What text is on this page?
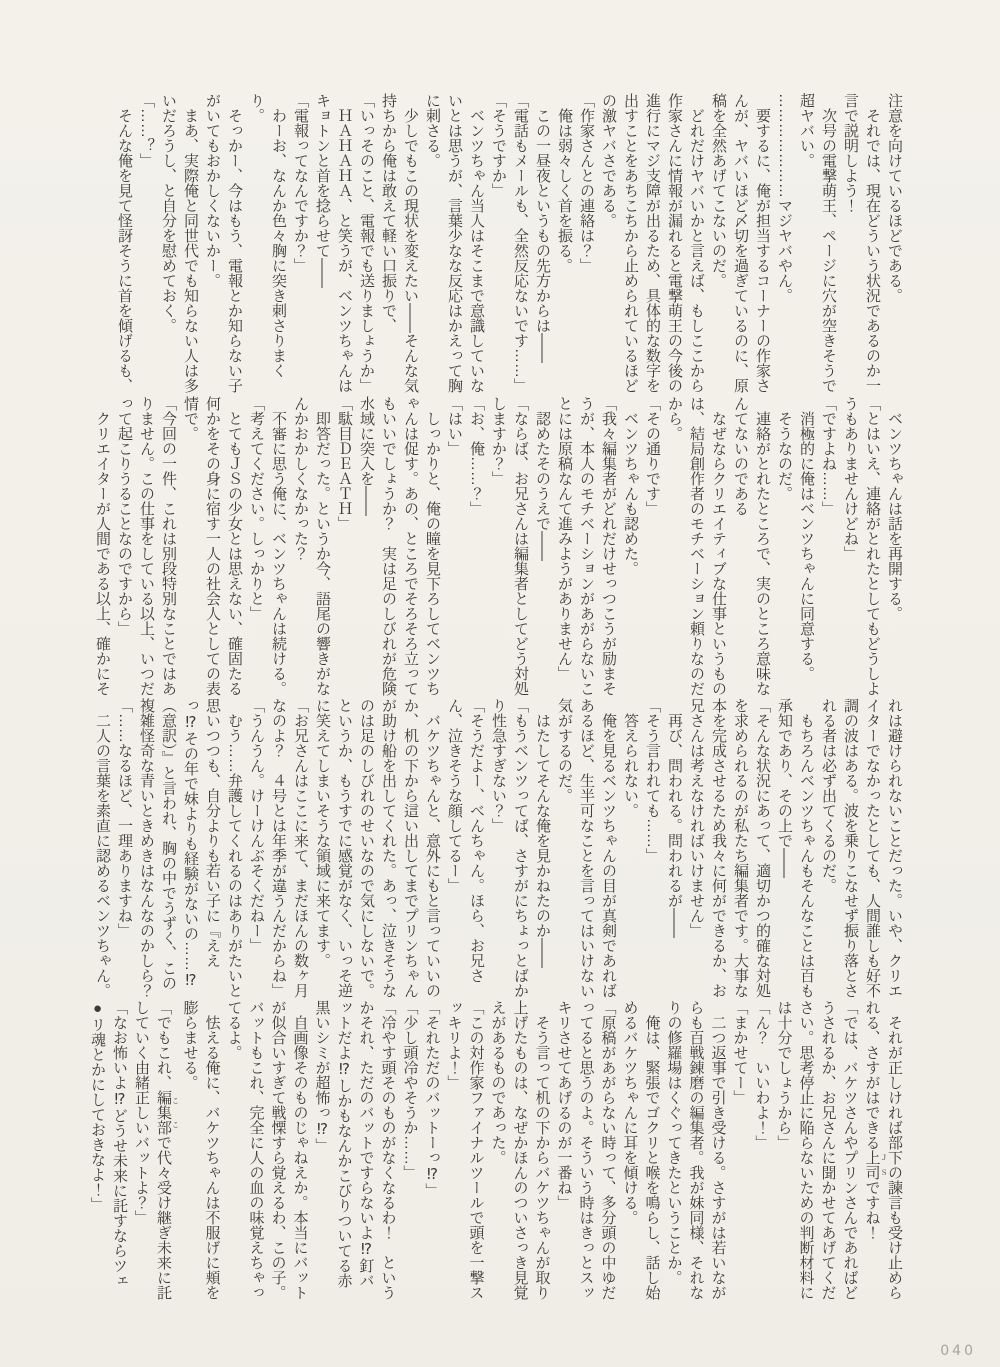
注意を向けているほどである。

それでは、現在どういう状況であるのか一言で説明しよう！

次号の電撃萌王、ページに穴が空きそうで超ヤバい。

…………………マジヤバやん。

要するに、俺が担当するコーナーの作家さんが、ヤバいほど〆切を過ぎているのに、原稿を全然あげてこないのだ。

どれだけヤバいかと言えば、もしここから作家さんに情報が漏れると電撃萌王の今後の進行にマジ支障が出るため、具体的な数字を出すことをあちこちから止められているほどの激ヤバさである。

「作家さんとの連絡は？」

俺は弱々しく首を振る。

この一昼夜というもの先方からは――

「電話もメールも、全然反応ないです……」

「そうですか」

ベンツちゃん当人はそこまで意識していないとは思うが、言葉少なな反応はかえって胸に刺さる。

少しでもこの現状を変えたい――そんな気持ちから俺は敢えて軽い口振りで、

「いっそのこと、電報でも送りましょうか」

ＨＡＨＡＨＡ、と笑うが、ベンツちゃんはキョトンと首を捻らせて――

「電報ってなんですか？」

わーお、なんか色々胸に突き刺さりまくり。

そっかー、今はもう、電報とか知らない子がいてもおかしくないかー。

まあ、実際俺と同世代でも知らない人は多いだろうし、と自分を慰めておく。

「……？」

そんな俺を見て怪訝そうに首を傾げるも、

ベンツちゃんは話を再開する。

「とはいえ、連絡がとれたとしてもどうしようもありませんけどね」

「ですよね……」

消極的に俺はベンツちゃんに同意する。

そうなのだ。

連絡がとれたところで、実のところ意味なんてないのである

なぜならクリエイティブな仕事というものは、結局創作者のモチベーション頼りなのだから。

「その通りです」

ベンツちゃんも認めた。

「我々編集者がどれだけせっつこうが励まそうが、本人のモチベーションがあがらないことには原稿なんて進みようがありません」

認めたそのうえで――

「ならば、お兄さんは編集者としてどう対処しますか？」

「お、俺……？」

「はい」

しっかりと、俺の瞳を見下ろしてベンツちゃんは促す。あの、ところでそろそろ立ってもいいでしょうか？　実は足のしびれが危険水域に突入を――

「駄目ＤＥＡＴＨ」

即答だった。というか今、語尾の響きがなんかおかしくなかった？

不審に思う俺に、ベンツちゃんは続ける。

「考えてください。しっかりと」

とてもＪＳの少女とは思えない、確固たる何かをその身に宿す一人の社会人としての表情で。

「今回の一件、これは別段特別なことではありません。この仕事をしている以上、いつだって起こりうることなのですから」

クリエイターが人間である以上、確かにそ

れは避けられないことだった。いや、クリエイターでなかったとしても、人間誰しも好不調の波はある。波を乗りこなせず振り落とされる者は必ず出てくるのだ。

もちろんベンツちゃんもそんなことは百も承知であり、その上で――

「そんな状況にあって、適切かつ的確な対処を求められるのが私たち編集者です。大事な本を完成させるため我々に何ができるか、お兄さんは考えなければいけません」

再び、問われる。問われるが――

「そう言われても……」

答えられない。

俺を見るベンツちゃんの目が真剣であればあるほど、生半可なことを言ってはいけない気がするのだ。

はたしてそんな俺を見かねたのか――

「もうベンツってば、さすがにちょっとばかり性急すぎない？」

「そうだよー、べんちゃん。ほら、お兄さん、泣きそうな顔してるー」

バケツちゃんと、意外にもと言っていいのか、机の下から這い出してまでプリンちゃんが助け船を出してくれた。あっ、泣きそうなのは足のしびれのせいなので気にしないで。というか、もうすでに感覚がなく、いっそ逆に笑えてしまいそうな領域に来てます。

「お兄さんはここに来て、まだほんの数ヶ月なのよ？　４号とは年季が違うんだからね」

「うんうん。けーけんぶそくだねー」

むう……弁護してくれるのはありがたいと思いつつも、自分よりも若い子に『ええっ⁉その年で妹よりも経験がないの……⁉（意訳）』と言われ、胸の中でうずく、この複雑怪奇な青いときめきはなんなのかしら？

「……なるほど、一理ありますね」

二人の言葉を素直に認めるベンツちゃん。

それが正しければ部下の諫言も受け止められる、さすがはできる上司 ＪＳですね！

「では、バケツさんやプリンさんであればどうされるか、お兄さんに聞かせてあげてください。思考停止に陥らないための判断材料には十分でしょうから」

「ん？　いいわよ！」

「まかせてー」

二つ返事で引き受ける。さすがは若いながらも百戦錬磨の編集者。我が妹同様、それなりの修羅場はくぐってきたということか。

俺は、緊張でゴクリと喉を鳴らし、話し始めるバケツちゃんに耳を傾ける。

「原稿があがらない時って、多分頭の中ゆだってると思うのよ。そういう時はきっとスッキリさせてあげるのが一番ね」

そう言って机の下からバケツちゃんが取り上げたものは、なぜかほんのついさっき見覚えがあるものであった。

「この対作家ファイナルツールで頭を一撃スッキリよ！」

「それただのバットーっ⁉」

「少し頭冷やそうか……」

「冷やす頭そのものがなくなるわ！　というかそれ、ただのバットですらないよ⁉釘バットだよ⁉しかもなんかこびりついてる赤黒いシミが超怖っ⁉」

自画像そのものじゃねえか。本当にバットが似合いすぎて戦慄すら覚えるわ、この子。バットもこれ、完全に人の血の味覚えちゃってるよ。

怯える俺に、バケツちゃんは不服げに頬を膨らませる。

「でもこれ、編集部 ここで代々受け継ぎ未来に託していく由緒正しいバットよ？」

「なお怖いよ⁉どうせ未来に託すならツェ●リ魂とかにしておきなよ！」

040
